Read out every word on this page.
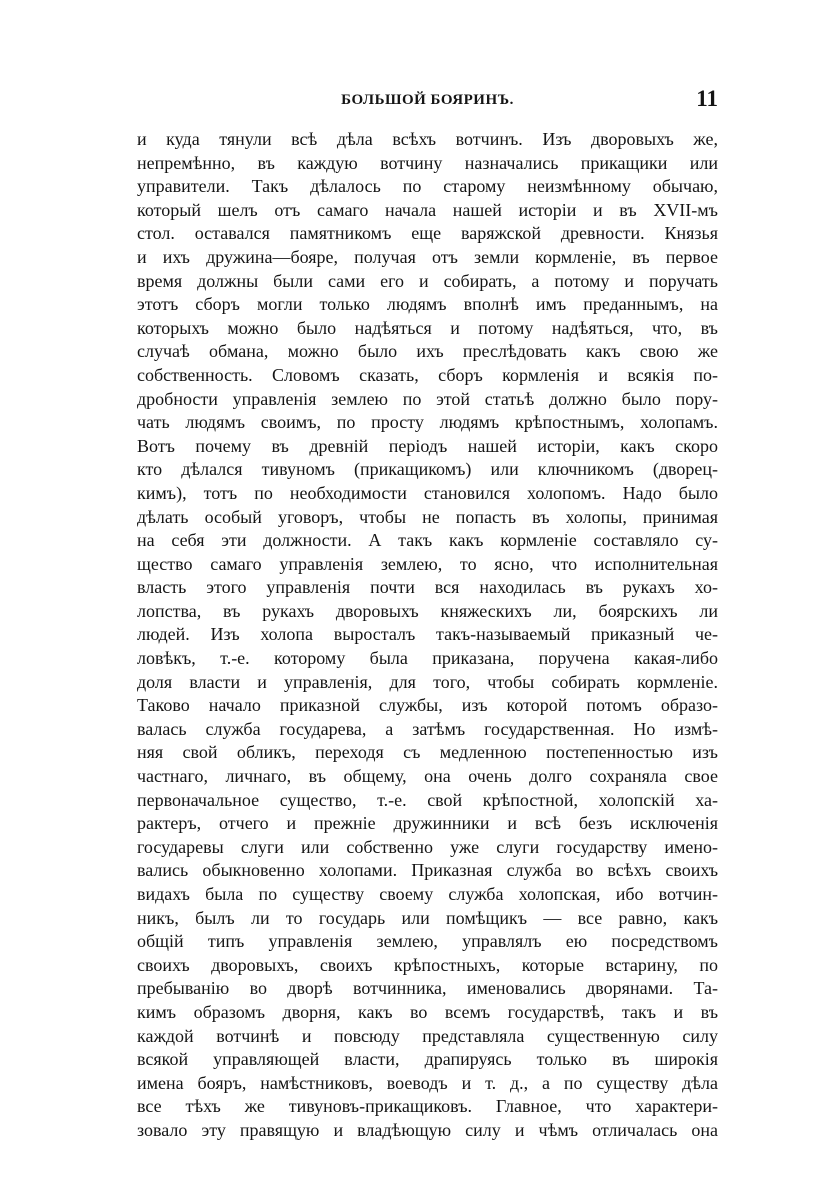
БОЛЬШОЙ БОЯРИНЪ.	11
и куда тянули всѣ дѣла всѣхъ вотчинъ. Изъ дворовыхъ же,
непремѣнно, въ каждую вотчину назначались прикащики или
управители. Такъ дѣлалось по старому неизмѣнному обычаю,
который шелъ отъ самаго начала нашей исторіи и въ XVII-мъ
стол. оставался памятникомъ еще варяжской древности. Князья
и ихъ дружина—бояре, получая отъ земли кормленіе, въ первое
время должны были сами его и собирать, а потому и поручать
этотъ сборъ могли только людямъ вполнѣ имъ преданнымъ, на
которыхъ можно было надѣяться и потому надѣяться, что, въ
случаѣ обмана, можно было ихъ преслѣдовать какъ свою же
собственность. Словомъ сказать, сборъ кормленія и всякія по-
дробности управленія землею по этой статьѣ должно было пору-
чать людямъ своимъ, по просту людямъ крѣпостнымъ, холопамъ.
Вотъ почему въ древній періодъ нашей исторіи, какъ скоро
кто дѣлался тивуномъ (прикащикомъ) или ключникомъ (дворец-
кимъ), тотъ по необходимости становился холопомъ. Надо было
дѣлать особый уговоръ, чтобы не попасть въ холопы, принимая
на себя эти должности. А такъ какъ кормленіе составляло су-
щество самаго управленія землею, то ясно, что исполнительная
власть этого управленія почти вся находилась въ рукахъ хо-
лопства, въ рукахъ дворовыхъ княжескихъ ли, боярскихъ ли
людей. Изъ холопа выросталъ такъ-называемый приказный че-
ловѣкъ, т.-е. которому была приказана, поручена какая-либо
доля власти и управленія, для того, чтобы собирать кормленіе.
Таково начало приказной службы, изъ которой потомъ образо-
валась служба государева, а затѣмъ государственная. Но измѣ-
няя свой обликъ, переходя съ медленною постепенностью изъ
частнаго, личнаго, въ общему, она очень долго сохраняла свое
первоначальное существо, т.-е. свой крѣпостной, холопскій ха-
рактеръ, отчего и прежніе дружинники и всѣ безъ исключенія
государевы слуги или собственно уже слуги государству имено-
вались обыкновенно холопами. Приказная служба во всѣхъ своихъ
видахъ была по существу своему служба холопская, ибо вотчин-
никъ, былъ ли то государь или помѣщикъ — все равно, какъ
общій типъ управленія землею, управлялъ ею посредствомъ
своихъ дворовыхъ, своихъ крѣпостныхъ, которые встарину, по
пребыванію во дворѣ вотчинника, именовались дворянами. Та-
кимъ образомъ дворня, какъ во всемъ государствѣ, такъ и въ
каждой вотчинѣ и повсюду представляла существенную силу
всякой управляющей власти, драпируясь только въ широкія
имена бояръ, намѣстниковъ, воеводъ и т. д., а по существу дѣла
все тѣхъ же тивуновъ-прикащиковъ. Главное, что характери-
зовало эту правящую и владѣющую силу и чѣмъ отличалась она
